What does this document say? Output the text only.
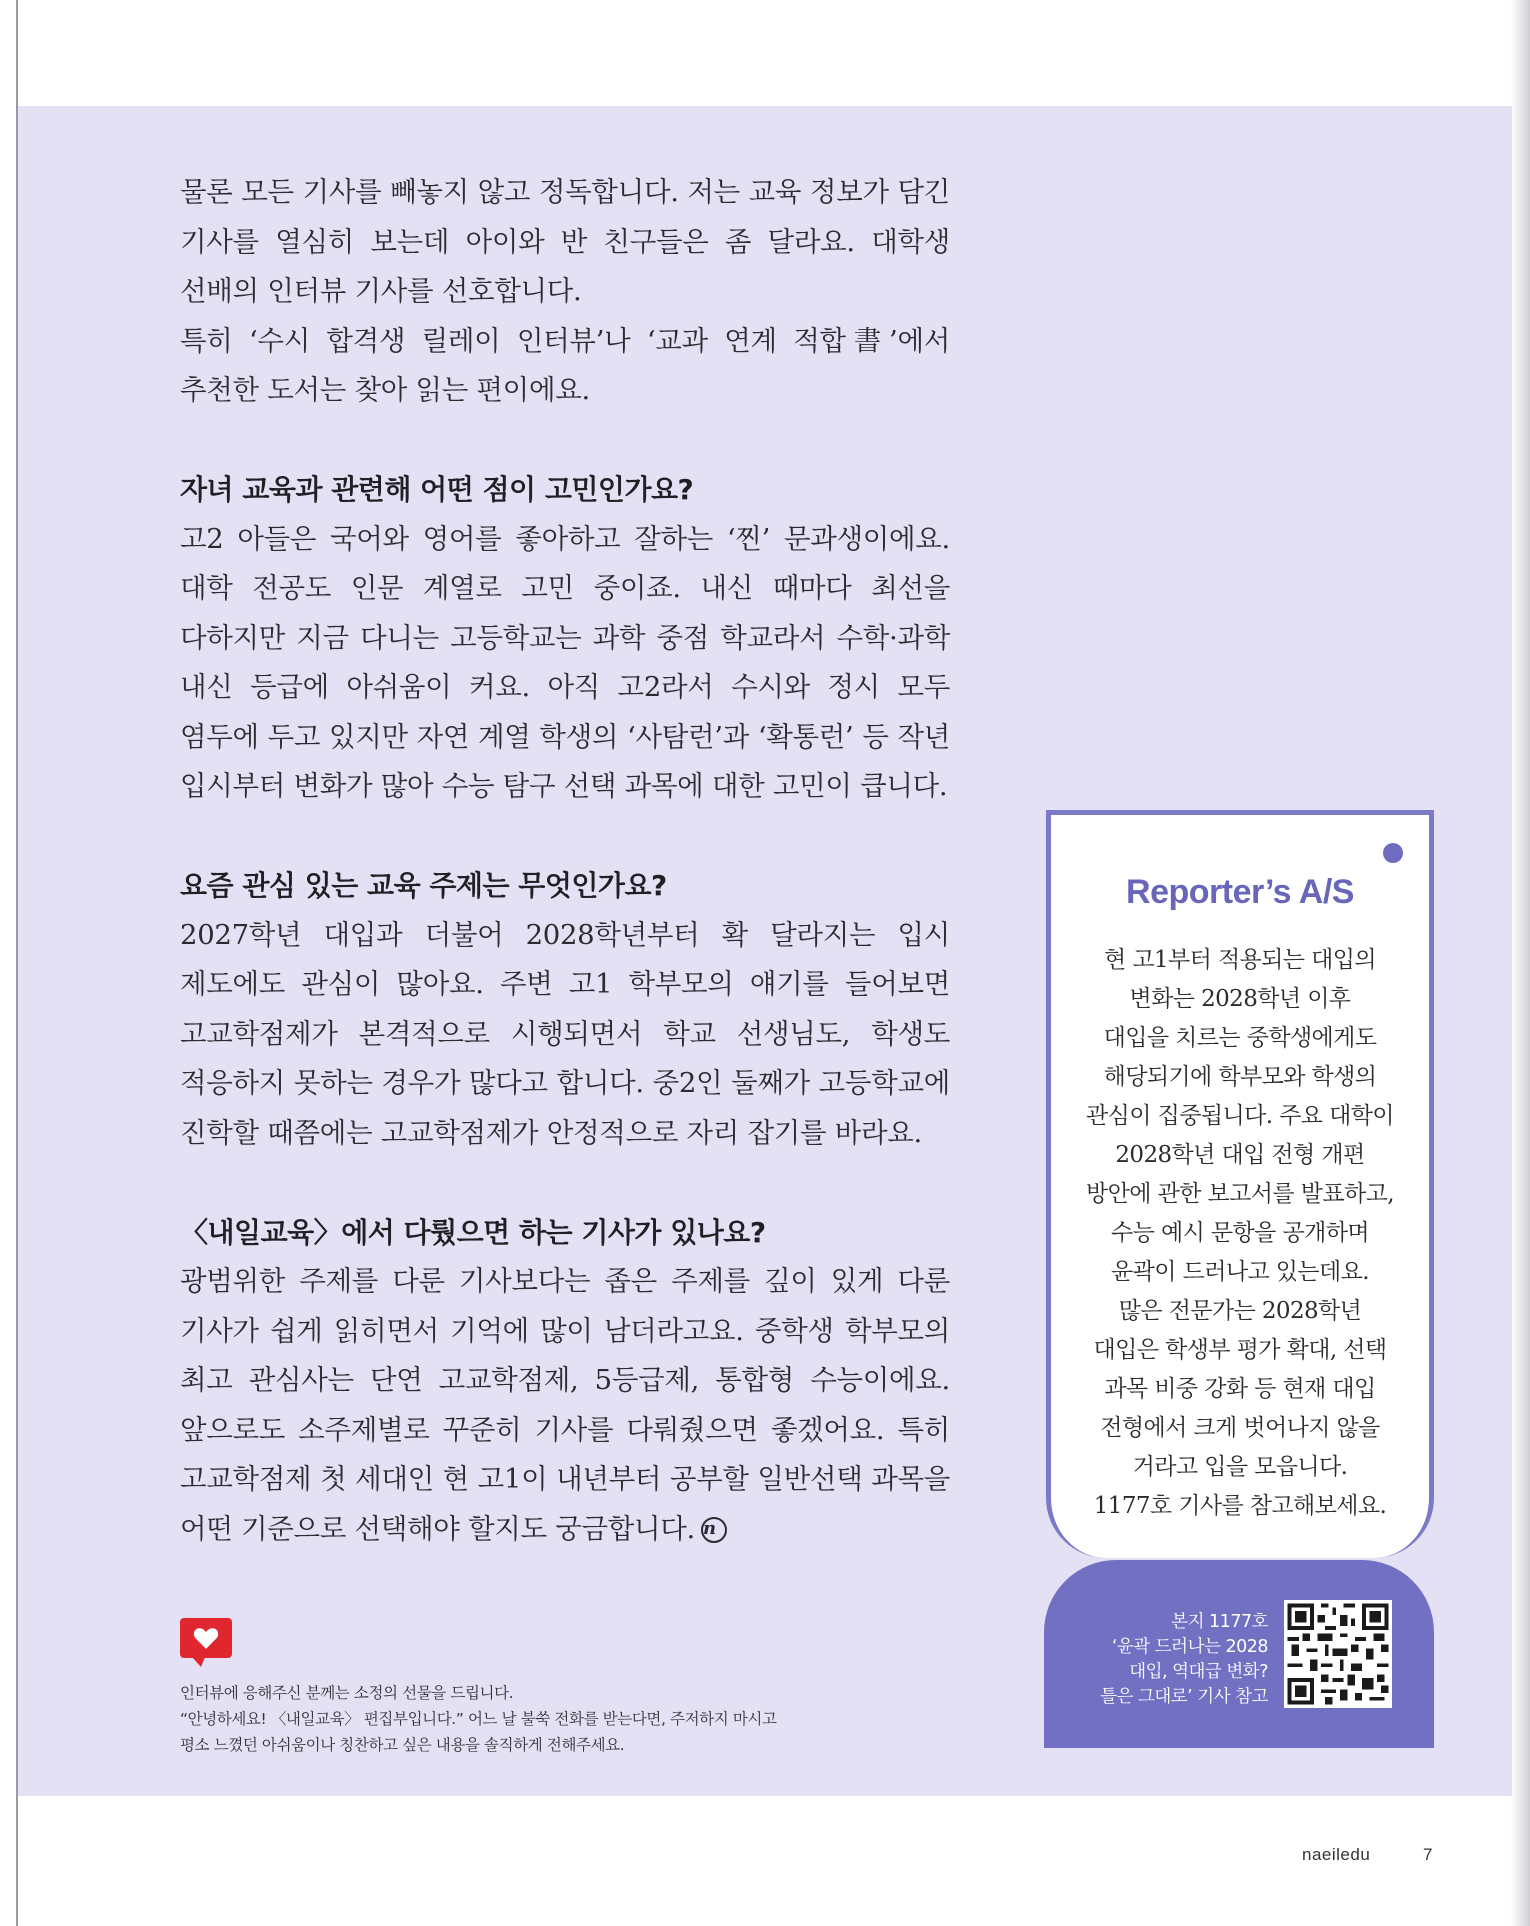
물론 모든 기사를 빼놓지 않고 정독합니다. 저는 교육 정보가 담긴 기사를 열심히 보는데 아이와 반 친구들은 좀 달라요. 대학생 선배의 인터뷰 기사를 선호합니다.

특히 ‘수시 합격생 릴레이 인터뷰’나 ‘교과 연계 적합書’에서 추천한 도서는 찾아 읽는 편이에요.

자녀 교육과 관련해 어떤 점이 고민인가요?

고2 아들은 국어와 영어를 좋아하고 잘하는 ‘찐’ 문과생이에요. 대학 전공도 인문 계열로 고민 중이죠. 내신 때마다 최선을 다하지만 지금 다니는 고등학교는 과학 중점 학교라서 수학·과학 내신 등급에 아쉬움이 커요. 아직 고2라서 수시와 정시 모두 염두에 두고 있지만 자연 계열 학생의 ‘사탐런’과 ‘확통런’ 등 작년 입시부터 변화가 많아 수능 탐구 선택 과목에 대한 고민이 큽니다.

요즘 관심 있는 교육 주제는 무엇인가요?

2027학년 대입과 더불어 2028학년부터 확 달라지는 입시 제도에도 관심이 많아요. 주변 고1 학부모의 얘기를 들어보면 고교학점제가 본격적으로 시행되면서 학교 선생님도, 학생도 적응하지 못하는 경우가 많다고 합니다. 중2인 둘째가 고등학교에 진학할 때쯤에는 고교학점제가 안정적으로 자리 잡기를 바라요.

〈내일교육〉에서 다뤘으면 하는 기사가 있나요?

광범위한 주제를 다룬 기사보다는 좁은 주제를 깊이 있게 다룬 기사가 쉽게 읽히면서 기억에 많이 남더라고요. 중학생 학부모의 최고 관심사는 단연 고교학점제, 5등급제, 통합형 수능이에요. 앞으로도 소주제별로 꾸준히 기사를 다뤄줬으면 좋겠어요. 특히 고교학점제 첫 세대인 현 고1이 내년부터 공부할 일반선택 과목을 어떤 기준으로 선택해야 할지도 궁금합니다. n

인터뷰에 응해주신 분께는 소정의 선물을 드립니다.
“안녕하세요! 〈내일교육〉 편집부입니다.” 어느 날 불쑥 전화를 받는다면, 주저하지 마시고
평소 느꼈던 아쉬움이나 칭찬하고 싶은 내용을 솔직하게 전해주세요.
Reporter’s A/S
현 고1부터 적용되는 대입의
변화는 2028학년 이후
대입을 치르는 중학생에게도
해당되기에 학부모와 학생의
관심이 집중됩니다. 주요 대학이
2028학년 대입 전형 개편
방안에 관한 보고서를 발표하고,
수능 예시 문항을 공개하며
윤곽이 드러나고 있는데요.
많은 전문가는 2028학년
대입은 학생부 평가 확대, 선택
과목 비중 강화 등 현재 대입
전형에서 크게 벗어나지 않을
거라고 입을 모읍니다.
1177호 기사를 참고해보세요.
본지 1177호
‘윤곽 드러나는 2028
대입, 역대급 변화?
틀은 그대로’ 기사 참고
naeiledu	7
